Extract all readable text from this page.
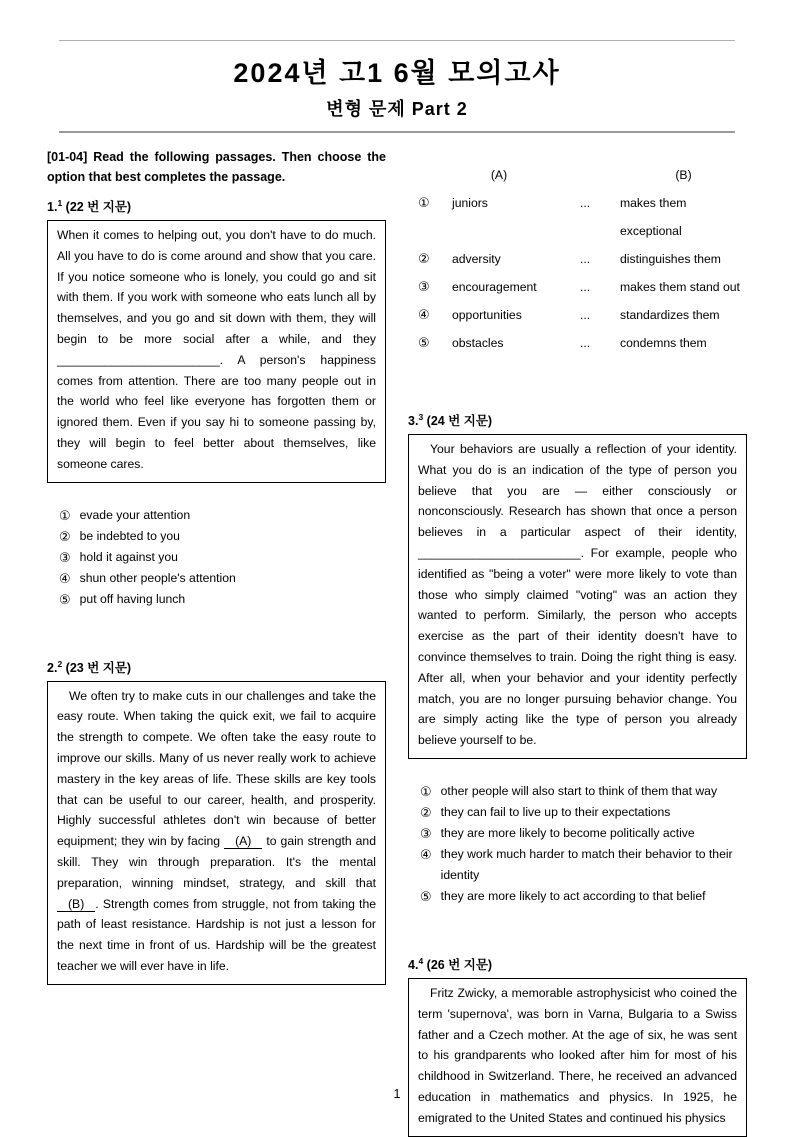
2024년 고1 6월 모의고사
변형 문제 Part 2

[01-04] Read the following passages. Then choose the option that best completes the passage.

1.$^1$ (22 번 지문)
When it comes to helping out, you don't have to do much. All you have to do is come around and show that you care. If you notice someone who is lonely, you could go and sit with them. If you work with someone who eats lunch all by themselves, and you go and sit down with them, they will begin to be more social after a while, and they ________________________. A person's happiness comes from attention. There are too many people out in the world who feel like everyone has forgotten them or ignored them. Even if you say hi to someone passing by, they will begin to feel better about themselves, like someone cares.
① evade your attention
② be indebted to you
③ hold it against you
④ shun other people's attention
⑤ put off having lunch
2.$^2$ (23 번 지문)
We often try to make cuts in our challenges and take the easy route. When taking the quick exit, we fail to acquire the strength to compete. We often take the easy route to improve our skills. Many of us never really work to achieve mastery in the key areas of life. These skills are key tools that can be useful to our career, health, and prosperity. Highly successful athletes don't win because of better equipment; they win by facing (A) to gain strength and skill. They win through preparation. It's the mental preparation, winning mindset, strategy, and skill that (B) . Strength comes from struggle, not from taking the path of least resistance. Hardship is not just a lesson for the next time in front of us. Hardship will be the greatest teacher we will ever have in life.
(A)	(B)
①	juniors	...	makes them exceptional
②	adversity	...	distinguishes them
③	encouragement	...	makes them stand out
④	opportunities	...	standardizes them
⑤	obstacles	...	condemns them
3.$^3$ (24 번 지문)
Your behaviors are usually a reflection of your identity. What you do is an indication of the type of person you believe that you are — either consciously or nonconsciously. Research has shown that once a person believes in a particular aspect of their identity, ________________________. For example, people who identified as "being a voter" were more likely to vote than those who simply claimed "voting" was an action they wanted to perform. Similarly, the person who accepts exercise as the part of their identity doesn't have to convince themselves to train. Doing the right thing is easy. After all, when your behavior and your identity perfectly match, you are no longer pursuing behavior change. You are simply acting like the type of person you already believe yourself to be.
① other people will also start to think of them that way
② they can fail to live up to their expectations
③ they are more likely to become politically active
④ they work much harder to match their behavior to their identity
⑤ they are more likely to act according to that belief
4.$^4$ (26 번 지문)
Fritz Zwicky, a memorable astrophysicist who coined the term 'supernova', was born in Varna, Bulgaria to a Swiss father and a Czech mother. At the age of six, he was sent to his grandparents who looked after him for most of his childhood in Switzerland. There, he received an advanced education in mathematics and physics. In 1925, he emigrated to the United States and continued his physics
1
